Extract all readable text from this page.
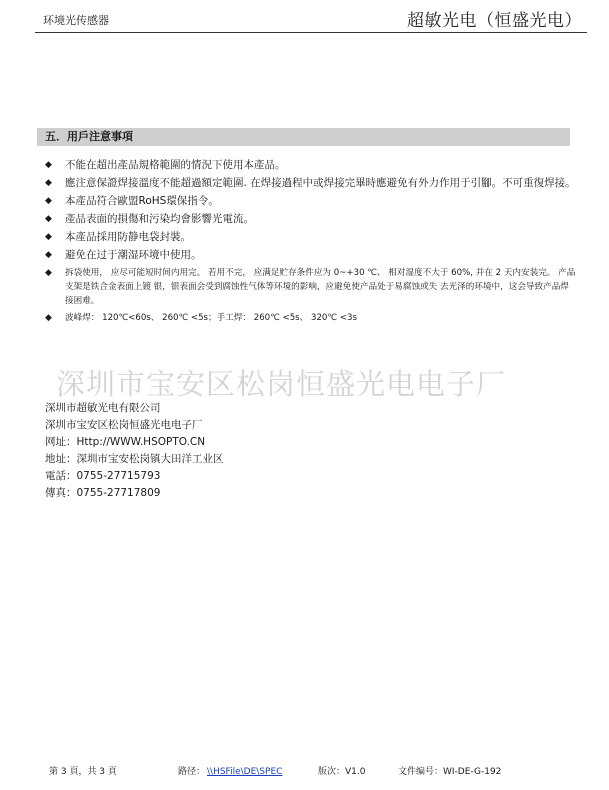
环境光传感器	超敏光电（恒盛光电）
五．用戶注意事項
◆	不能在超出產品規格範圍的情況下使用本產品。
◆	應注意保證焊接溫度不能超過額定範圍. 在焊接過程中或焊接完畢時應避免有外力作用于引腳。不可重復焊接。
◆	本產品符合歐盟RoHS環保指令。
◆	產品表面的損傷和污染均會影響光電流。
◆	本產品採用防静电袋封裝。
◆	避免在过于潮湿环境中使用。
◆	拆袋使用， 应尽可能短时间内用完。 若用不完， 应满足贮存条件应为 0~+30 ℃、 相对湿度不大于 60%, 并在 2 天内安装完。 产品支架是铁合金表面上镀 银，银表面会受到腐蚀性气体等环境的影响，应避免使产品处于易腐蚀或失 去光泽的环境中，这会导致产品焊接困难。
◆	波峰焊： 120℃<60s、 260℃ <5s；手工焊： 260℃ <5s、 320℃ <3s
深圳市宝安区松岗恒盛光电电子厂
深圳市超敏光电有限公司
深圳市宝安区松岗恒盛光电电子厂
网址：Http://WWW.HSOPTO.CN
地址：深圳市宝安松岗镇大田洋工业区
電話：0755-27715793
傳真：0755-27717809
第 3 頁，共 3 頁	路径： \\HSFile\DE\SPEC	版次：V1.0	文件编号：WI-DE-G-192
